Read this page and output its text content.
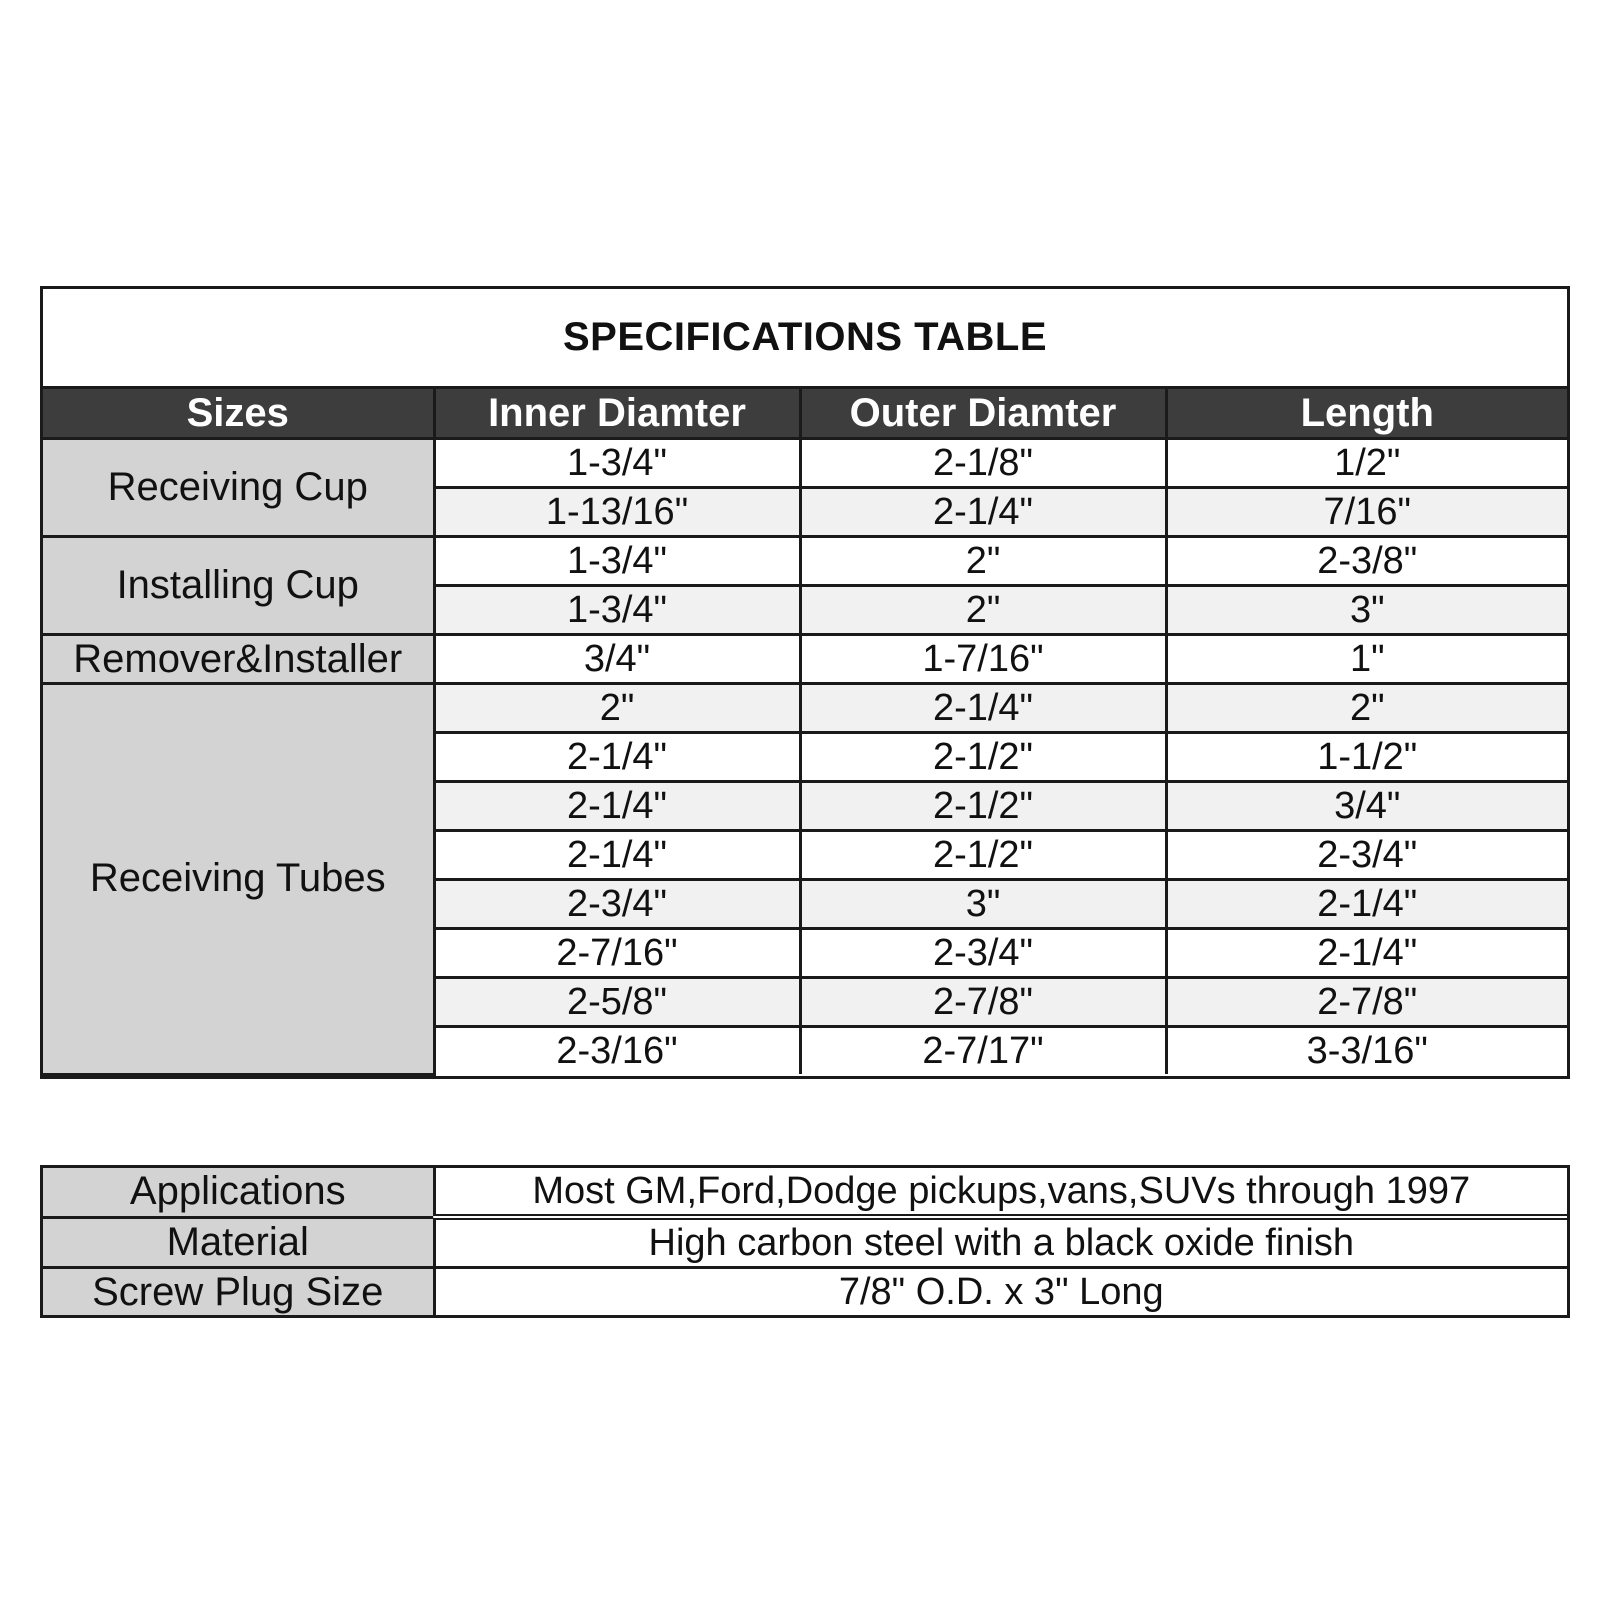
SPECIFICATIONS TABLE
Sizes	Inner Diamter	Outer Diamter	Length
Receiving Cup	1-3/4"	2-1/8"	1/2"
	1-13/16"	2-1/4"	7/16"
Installing Cup	1-3/4"	2"	2-3/8"
	1-3/4"	2"	3"
Remover&Installer	3/4"	1-7/16"	1"
Receiving Tubes	2"	2-1/4"	2"
	2-1/4"	2-1/2"	1-1/2"
	2-1/4"	2-1/2"	3/4"
	2-1/4"	2-1/2"	2-3/4"
	2-3/4"	3"	2-1/4"
	2-7/16"	2-3/4"	2-1/4"
	2-5/8"	2-7/8"	2-7/8"
	2-3/16"	2-7/17"	3-3/16"
Applications	Most GM,Ford,Dodge pickups,vans,SUVs through 1997
Material	High carbon steel with a black oxide finish
Screw Plug Size	7/8" O.D. x 3" Long
